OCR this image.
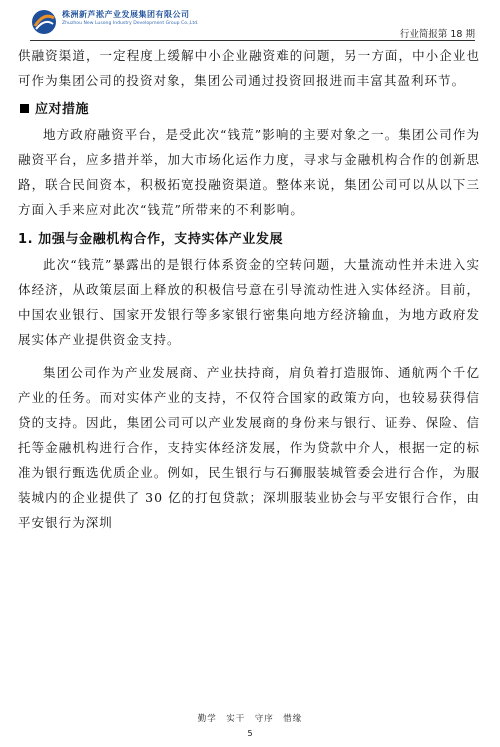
株洲新芦淞产业发展集团有限公司
Zhuzhou New Lusong Industry Development Group Co.,Ltd.
行业简报第 18 期

供融资渠道，一定程度上缓解中小企业融资难的问题，另一方面，中小企业也可作为集团公司的投资对象，集团公司通过投资回报进而丰富其盈利环节。

应对措施

地方政府融资平台，是受此次“钱荒”影响的主要对象之一。集团公司作为融资平台，应多措并举，加大市场化运作力度，寻求与金融机构合作的创新思路，联合民间资本，积极拓宽投融资渠道。整体来说，集团公司可以从以下三方面入手来应对此次“钱荒”所带来的不利影响。

1. 加强与金融机构合作，支持实体产业发展

此次“钱荒”暴露出的是银行体系资金的空转问题，大量流动性并未进入实体经济，从政策层面上释放的积极信号意在引导流动性进入实体经济。目前，中国农业银行、国家开发银行等多家银行密集向地方经济输血，为地方政府发展实体产业提供资金支持。

集团公司作为产业发展商、产业扶持商，肩负着打造服饰、通航两个千亿产业的任务。而对实体产业的支持，不仅符合国家的政策方向，也较易获得信贷的支持。因此，集团公司可以产业发展商的身份来与银行、证券、保险、信托等金融机构进行合作，支持实体经济发展，作为贷款中介人，根据一定的标准为银行甄选优质企业。例如，民生银行与石狮服装城管委会进行合作，为服装城内的企业提供了 30 亿的打包贷款；深圳服装业协会与平安银行合作，由平安银行为深圳

勤学　实干　守序　惜缘
5
